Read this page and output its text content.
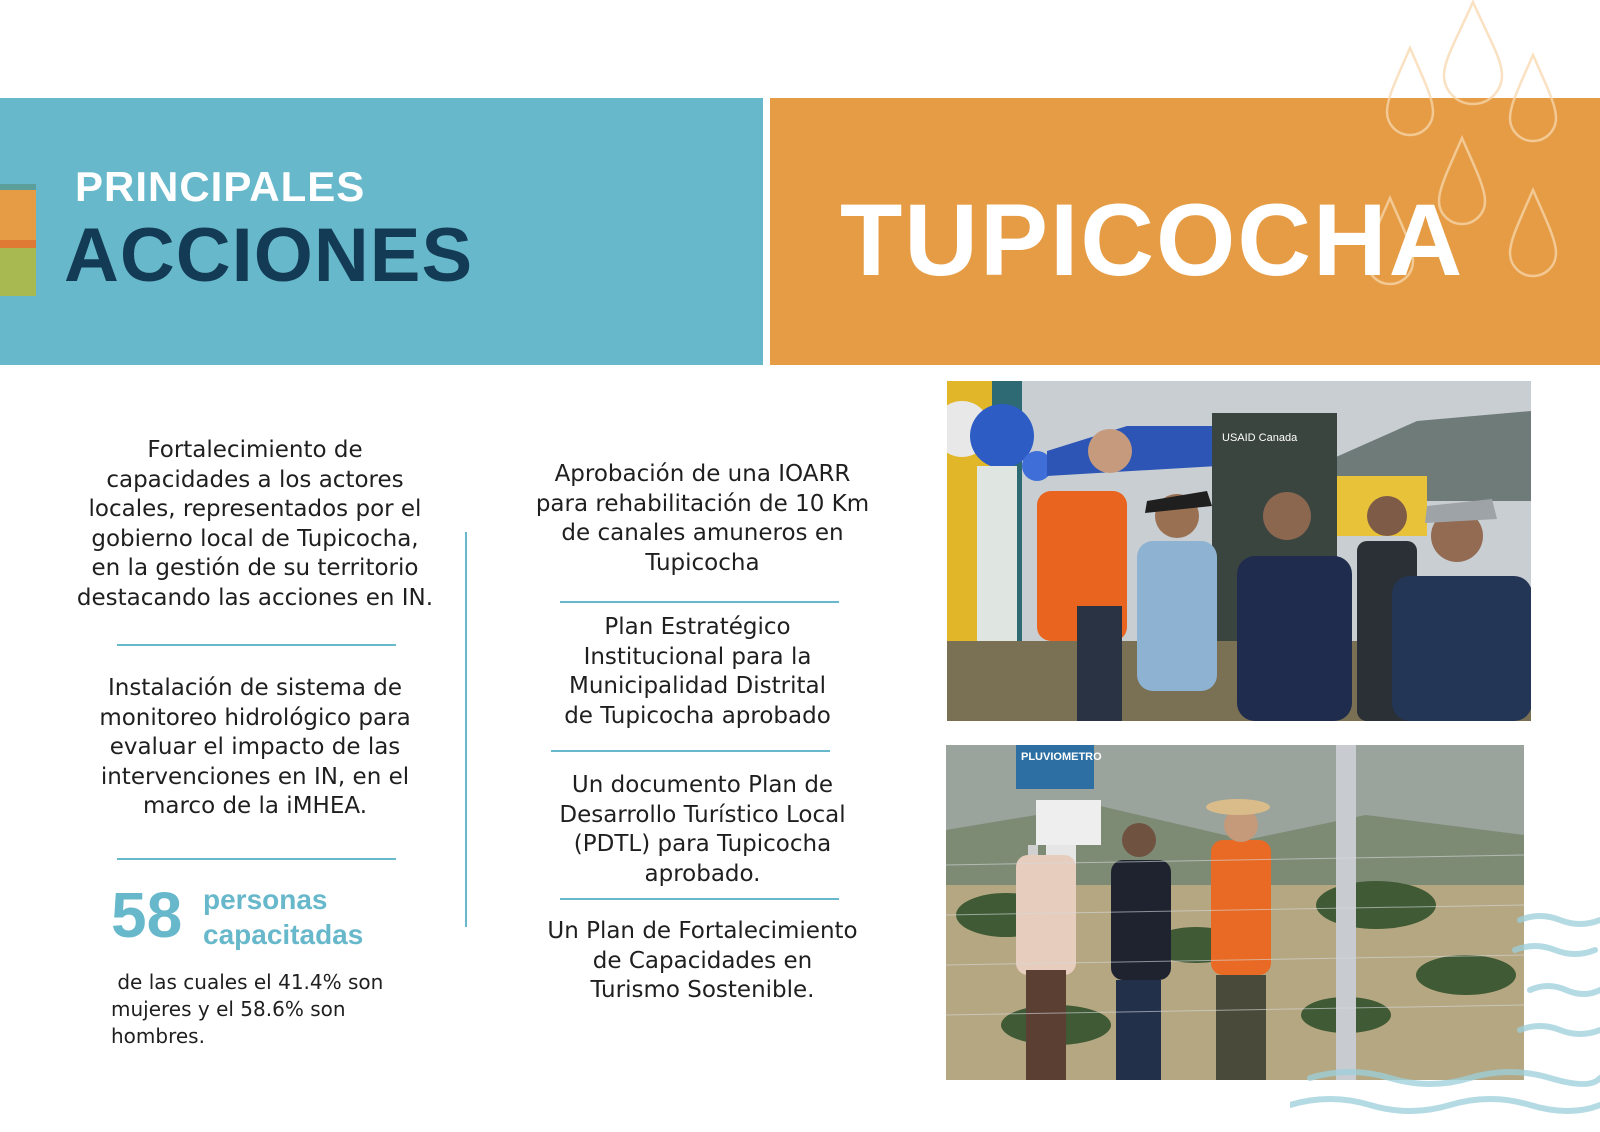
PRINCIPALES
ACCIONES	TUPICOCHA
Fortalecimiento de
capacidades a los actores
locales, representados por el
gobierno local de Tupicocha,
en la gestión de su territorio
destacando las acciones en IN.
Instalación de sistema de
monitoreo hidrológico para
evaluar el impacto de las
intervenciones en IN, en el
marco de la iMHEA.
58 personas
capacitadas
de las cuales el 41.4% son
mujeres y el 58.6% son
hombres.
Aprobación de una IOARR
para rehabilitación de 10 Km
de canales amuneros en
Tupicocha
Plan Estratégico
Institucional para la
Municipalidad Distrital
de Tupicocha aprobado
Un documento Plan de
Desarrollo Turístico Local
(PDTL) para Tupicocha
aprobado.
Un Plan de Fortalecimiento
de Capacidades en
Turismo Sostenible.
USAID Canada
PLUVIOMETRO
